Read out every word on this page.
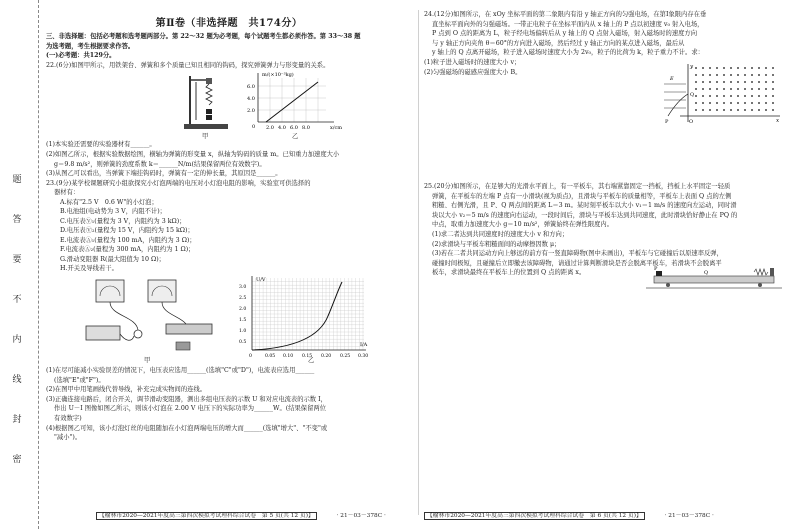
题
答
要
不
内
线
封
密
第Ⅱ卷（非选择题　共174分）

三、非选择题：包括必考题和选考题两部分。第 22～32 题为必考题，每个试题考生都必须作答。第 33～38 题

为选考题，考生根据要求作答。

(一)必考题：共129分。

22.(6分)如图甲所示，用铁架台、弹簧和多个质量已知且相同的钩码，探究弹簧弹力与形变量的关系。

甲
m/(×10⁻³kg)
x/cm
6.0
4.0
2.0
0 2.0 4.0 6.0 8.0
乙

(1)本实验还需要的实验器材有______。

(2)如图乙所示，根据实验数据绘图，横轴为弹簧的形变量 x，纵轴为钩码的质量 m。已知重力加速度大小

g＝9.8 m/s²，则弹簧的劲度系数 k＝______N/m(结果保留两位有效数字)。

(3)从图乙可以看出，当弹簧下端挂钩码时，弹簧有一定的伸长量，其原因是______。

23.(9分)某学校课题研究小组欲探究小灯泡两端的电压对小灯泡电阻的影响，实验室可供选择的

器材有：

A.标有"2.5 V　0.6 W"的小灯泡；

B.电池组(电动势为 3 V，内阻不计)；

C.电压表Ⓥ₁(量程为 3 V，内阻约为 3 kΩ)；

D.电压表Ⓥ₂(量程为 15 V，内阻约为 15 kΩ)；

E.电流表Ⓐ₁(量程为 100 mA，内阻约为 3 Ω)；

F.电流表Ⓐ₂(量程为 300 mA，内阻约为 1 Ω)；

G.滑动变阻器 R(最大阻值为 10 Ω)；

H.开关及导线若干。

甲
U/V
I/A
3.0
2.5
2.0
1.5
1.0
0.5
0	0.05 0.10 0.15 0.20 0.25 0.30
乙

(1)在尽可能减小实验误差的情况下，电压表应选用______(选填"C"或"D")，电流表应选用______

(选填"E"或"F")。

(2)在图甲中用笔画线代替导线，补充完成实物间的连线。

(3)正确连接电路后，闭合开关，调节滑动变阻器，测出多组电压表的示数 U 和对应电流表的示数 I，

作出 U－I 图像如图乙所示，则该小灯泡在 2.00 V 电压下的实际功率为______W。(结果保留两位

有效数字)

(4)根据图乙可知，该小灯泡灯丝的电阻随加在小灯泡两端电压的增大而______(选填"增大"、"不变"或

"减小")。

【榆林市2020—2021年度高三第四次模拟考试理科综合试卷　第 5 页(共 12 页)】	· 21－03－378C ·

24.(12分)如图所示，在 xOy 坐标平面的第二象限内有沿 y 轴正方向的匀强电场，在第Ⅰ象限内存在垂

直坐标平面向外的匀强磁场。一带正电粒子在坐标平面内从 x 轴上的 P 点以初速度 v₀ 射入电场，

P 点到 O 点的距离为 L，粒子经电场偏转后从 y 轴上的 Q 点射入磁场，射入磁场时的速度方向

与 y 轴正方向夹角 θ＝60°的方向进入磁场，然后经过 y 轴正方向的某点进入磁场，最后从

y 轴上的 Q 点离开磁场，粒子进入磁场时速度大小为 2v₀，粒子的比荷为 k，粒子重力不计。求：

(1)粒子进入磁场时的速度大小 v；

(2)匀强磁场的磁感应强度大小 B。

y
x
O
P
Q
E

25.(20分)如图所示，在足够大的光滑水平面上，有一平板车，其右端紧靠固定一挡板，挡板上水平固定一轻质

弹簧，在平板车的左端 P 点有一小滑块(视为质点)，且滑块与平板车的质量相等，平板车上表面 Q 点的左侧

粗糙、右侧光滑，且 P、Q 两点间的距离 L＝3 m。某时刻平板车以大小 v₁＝1 m/s 的速度向左运动，同时滑

块以大小 v₂＝5 m/s 的速度向右运动，一段时间后，滑块与平板车达到共同速度，此时滑块恰好静止在 PQ 的

中点，取重力加速度大小 g＝10 m/s²，弹簧始终在弹性限度内。

(1)求二者达到共同速度时的速度大小 v 和方向；

(2)求滑块与平板车粗糙面间的动摩擦因数 μ；

(3)若在二者共同运动方向上够远的前方有一竖直障碍物(图中未画出)，平板车与它碰撞后以原速率反弹，

碰撞时间极短，且碰撞后立即撤去该障碍物，请通过计算判断滑块是否会脱离平板车，若滑块不会脱离平

板车，求滑块最终在平板车上的位置到 Q 点的距离 x。

P
Q
【榆林市2020—2021年度高三第四次模拟考试理科综合试卷　第 6 页(共 12 页)】	· 21－03－378C ·
